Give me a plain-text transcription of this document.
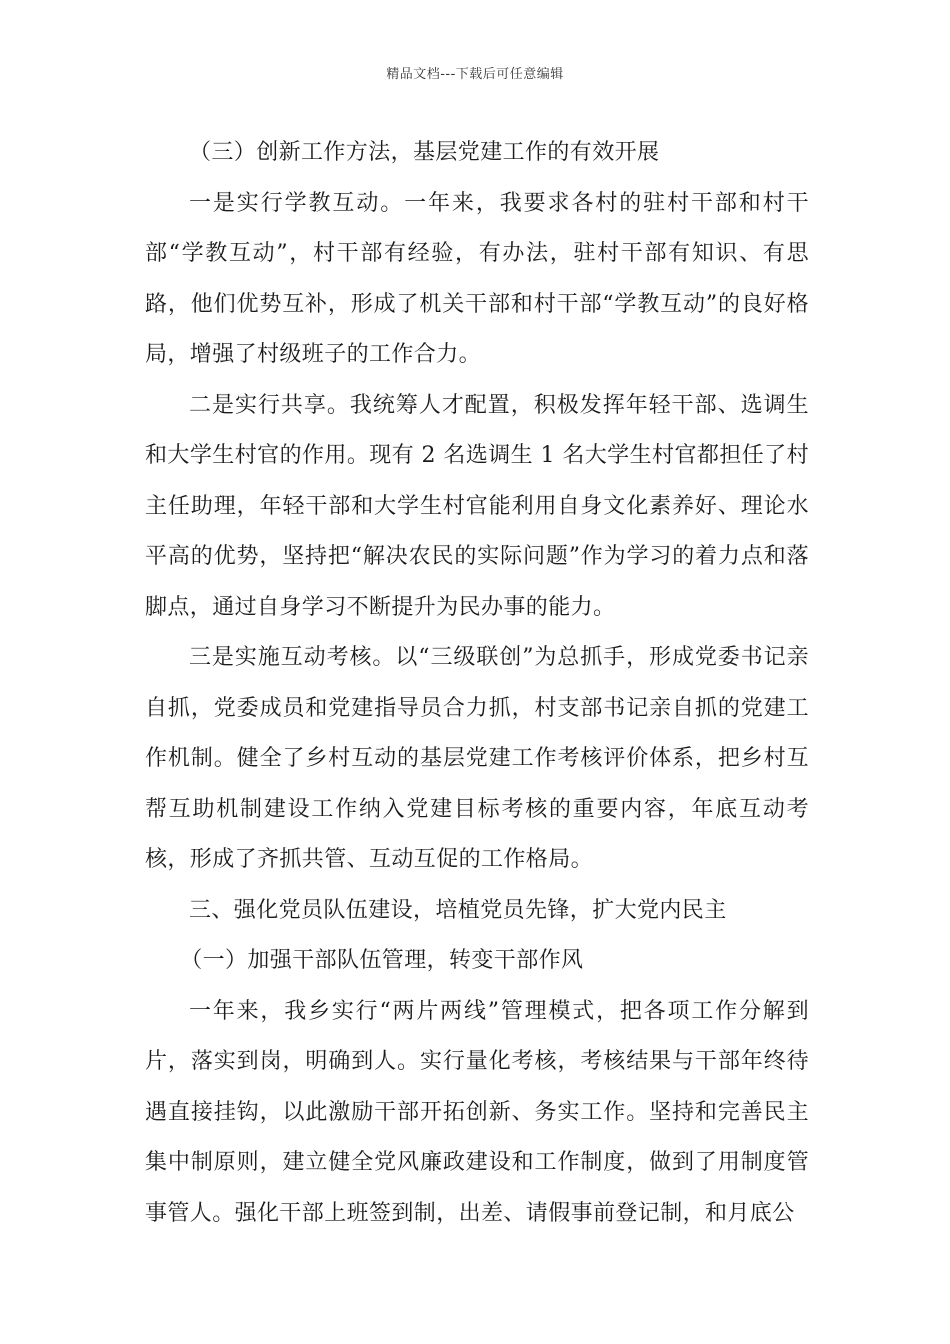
精品文档---下载后可任意编辑

（三）创新工作方法，基层党建工作的有效开展

一是实行学教互动。一年来，我要求各村的驻村干部和村干部“学教互动”，村干部有经验，有办法，驻村干部有知识、有思路，他们优势互补，形成了机关干部和村干部“学教互动”的良好格局，增强了村级班子的工作合力。

二是实行共享。我统筹人才配置，积极发挥年轻干部、选调生和大学生村官的作用。现有 2 名选调生 1 名大学生村官都担任了村主任助理，年轻干部和大学生村官能利用自身文化素养好、理论水平高的优势，坚持把“解决农民的实际问题”作为学习的着力点和落脚点，通过自身学习不断提升为民办事的能力。

三是实施互动考核。以“三级联创”为总抓手，形成党委书记亲自抓，党委成员和党建指导员合力抓，村支部书记亲自抓的党建工作机制。健全了乡村互动的基层党建工作考核评价体系，把乡村互帮互助机制建设工作纳入党建目标考核的重要内容，年底互动考核，形成了齐抓共管、互动互促的工作格局。

三、强化党员队伍建设，培植党员先锋，扩大党内民主

（一）加强干部队伍管理，转变干部作风

一年来，我乡实行“两片两线”管理模式，把各项工作分解到片，落实到岗，明确到人。实行量化考核，考核结果与干部年终待遇直接挂钩，以此激励干部开拓创新、务实工作。坚持和完善民主集中制原则，建立健全党风廉政建设和工作制度，做到了用制度管事管人。强化干部上班签到制，出差、请假事前登记制，和月底公
